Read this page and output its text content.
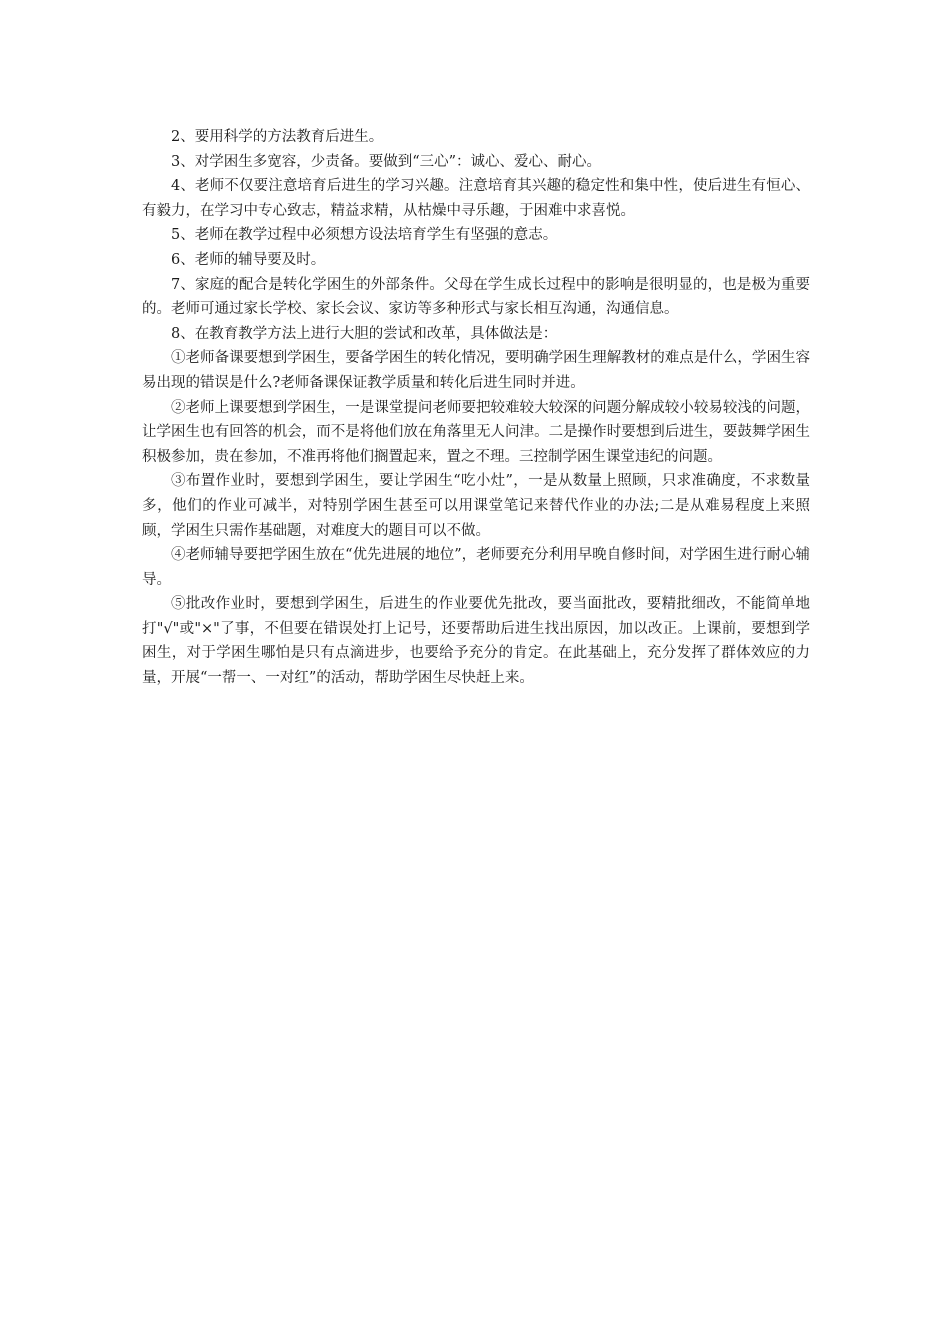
2、要用科学的方法教育后进生。

3、对学困生多宽容，少责备。要做到“三心”：诚心、爱心、耐心。

4、老师不仅要注意培育后进生的学习兴趣。注意培育其兴趣的稳定性和集中性，使后进生有恒心、有毅力，在学习中专心致志，精益求精，从枯燥中寻乐趣，于困难中求喜悦。

5、老师在教学过程中必须想方设法培育学生有坚强的意志。

6、老师的辅导要及时。

7、家庭的配合是转化学困生的外部条件。父母在学生成长过程中的影响是很明显的，也是极为重要的。老师可通过家长学校、家长会议、家访等多种形式与家长相互沟通，沟通信息。

8、在教育教学方法上进行大胆的尝试和改革，具体做法是：

①老师备课要想到学困生，要备学困生的转化情况，要明确学困生理解教材的难点是什么，学困生容易出现的错误是什么?老师备课保证教学质量和转化后进生同时并进。

②老师上课要想到学困生，一是课堂提问老师要把较难较大较深的问题分解成较小较易较浅的问题，让学困生也有回答的机会，而不是将他们放在角落里无人问津。二是操作时要想到后进生，要鼓舞学困生积极参加，贵在参加，不准再将他们搁置起来，置之不理。三控制学困生课堂违纪的问题。

③布置作业时，要想到学困生，要让学困生“吃小灶”，一是从数量上照顾，只求准确度，不求数量多，他们的作业可减半，对特别学困生甚至可以用课堂笔记来替代作业的办法;二是从难易程度上来照顾，学困生只需作基础题，对难度大的题目可以不做。

④老师辅导要把学困生放在“优先进展的地位”，老师要充分利用早晚自修时间，对学困生进行耐心辅导。

⑤批改作业时，要想到学困生，后进生的作业要优先批改，要当面批改，要精批细改，不能简单地打"√"或"×"了事，不但要在错误处打上记号，还要帮助后进生找出原因，加以改正。上课前，要想到学困生，对于学困生哪怕是只有点滴进步，也要给予充分的肯定。在此基础上，充分发挥了群体效应的力量，开展“一帮一、一对红”的活动，帮助学困生尽快赶上来。
